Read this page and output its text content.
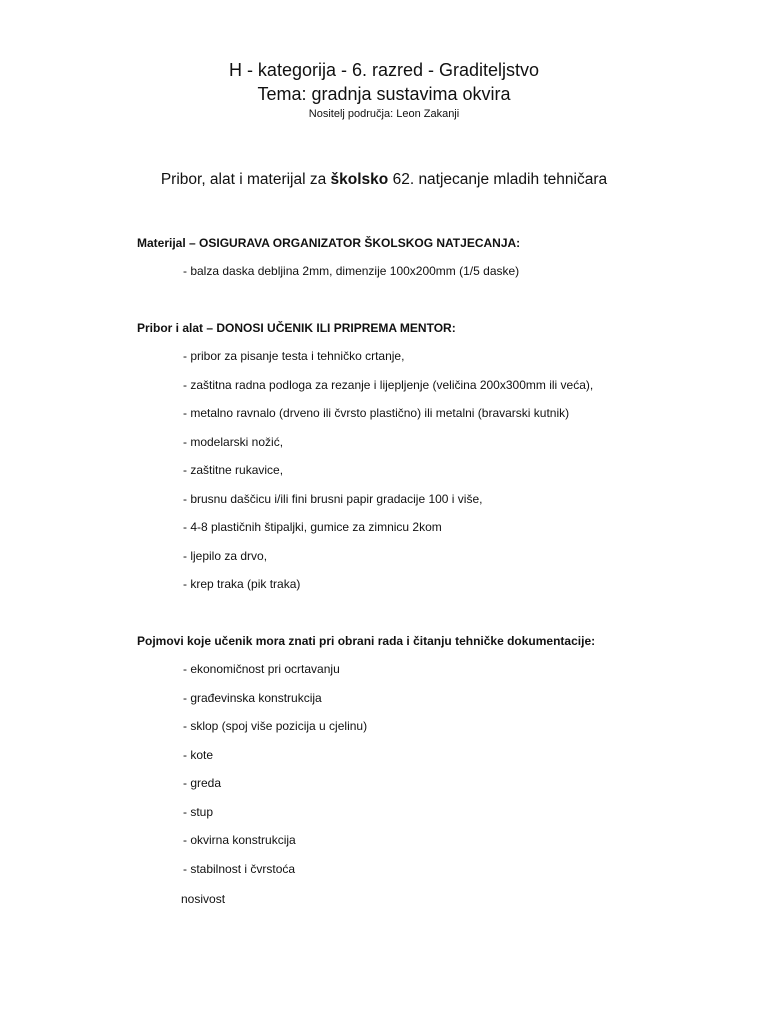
H - kategorija - 6. razred - Graditeljstvo
Tema: gradnja sustavima okvira
Nositelj područja: Leon Zakanji
Pribor, alat i materijal za školsko 62. natjecanje mladih tehničara
Materijal – OSIGURAVA ORGANIZATOR ŠKOLSKOG NATJECANJA:
- balza daska debljina 2mm, dimenzije 100x200mm (1/5 daske)
Pribor i alat – DONOSI UČENIK ILI PRIPREMA MENTOR:
- pribor za pisanje testa i tehničko crtanje,
- zaštitna radna podloga za rezanje i lijepljenje (veličina 200x300mm ili veća),
- metalno ravnalo (drveno ili čvrsto plastično) ili metalni (bravarski kutnik)
- modelarski nožić,
- zaštitne rukavice,
- brusnu daščicu i/ili fini brusni papir gradacije 100 i više,
- 4-8 plastičnih štipaljki, gumice za zimnicu 2kom
- ljepilo za drvo,
- krep traka (pik traka)
Pojmovi koje učenik mora znati pri obrani rada i čitanju tehničke dokumentacije:
- ekonomičnost pri ocrtavanju
- građevinska konstrukcija
- sklop (spoj više pozicija u cjelinu)
- kote
- greda
- stup
- okvirna konstrukcija
- stabilnost i čvrstoća
nosivost
